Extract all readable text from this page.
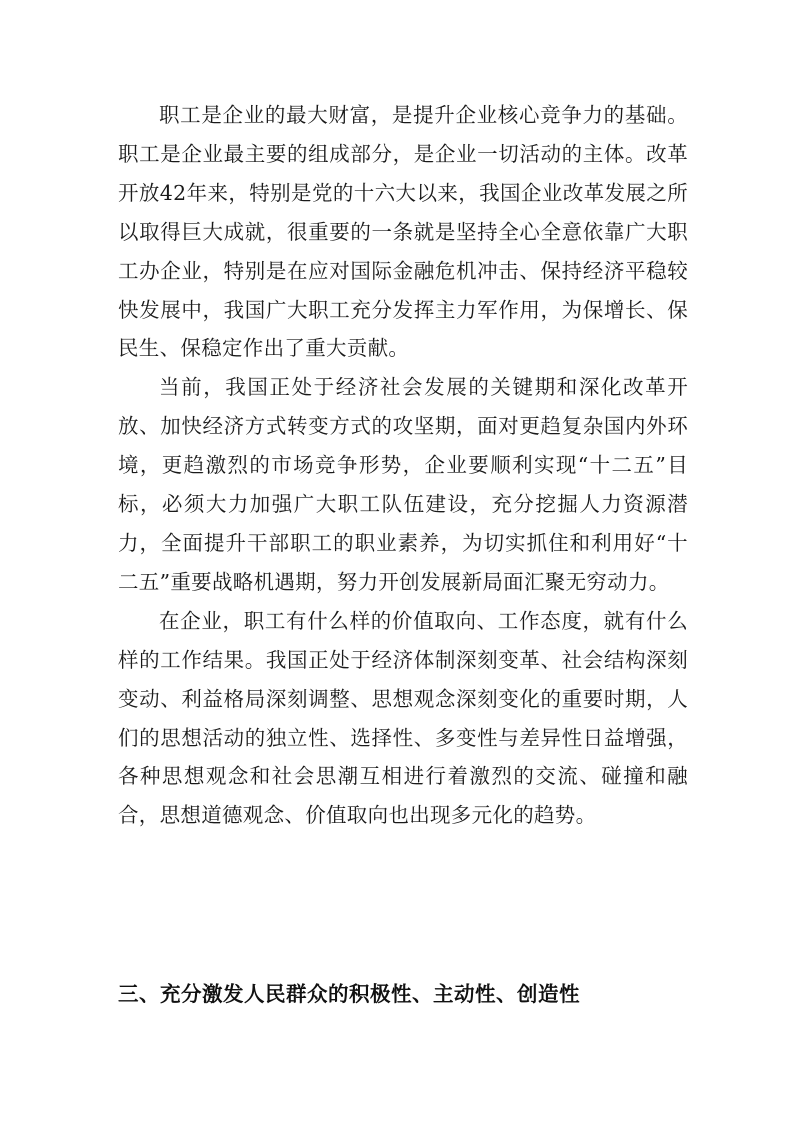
职工是企业的最大财富，是提升企业核心竞争力的基础。职工是企业最主要的组成部分，是企业一切活动的主体。改革开放42年来，特别是党的十六大以来，我国企业改革发展之所以取得巨大成就，很重要的一条就是坚持全心全意依靠广大职工办企业，特别是在应对国际金融危机冲击、保持经济平稳较快发展中，我国广大职工充分发挥主力军作用，为保增长、保民生、保稳定作出了重大贡献。

当前，我国正处于经济社会发展的关键期和深化改革开放、加快经济方式转变方式的攻坚期，面对更趋复杂国内外环境，更趋激烈的市场竞争形势，企业要顺利实现“十二五”目标，必须大力加强广大职工队伍建设，充分挖掘人力资源潜力，全面提升干部职工的职业素养，为切实抓住和利用好“十二五”重要战略机遇期，努力开创发展新局面汇聚无穷动力。

在企业，职工有什么样的价值取向、工作态度，就有什么样的工作结果。我国正处于经济体制深刻变革、社会结构深刻变动、利益格局深刻调整、思想观念深刻变化的重要时期，人们的思想活动的独立性、选择性、多变性与差异性日益增强，各种思想观念和社会思潮互相进行着激烈的交流、碰撞和融合，思想道德观念、价值取向也出现多元化的趋势。

三、充分激发人民群众的积极性、主动性、创造性
